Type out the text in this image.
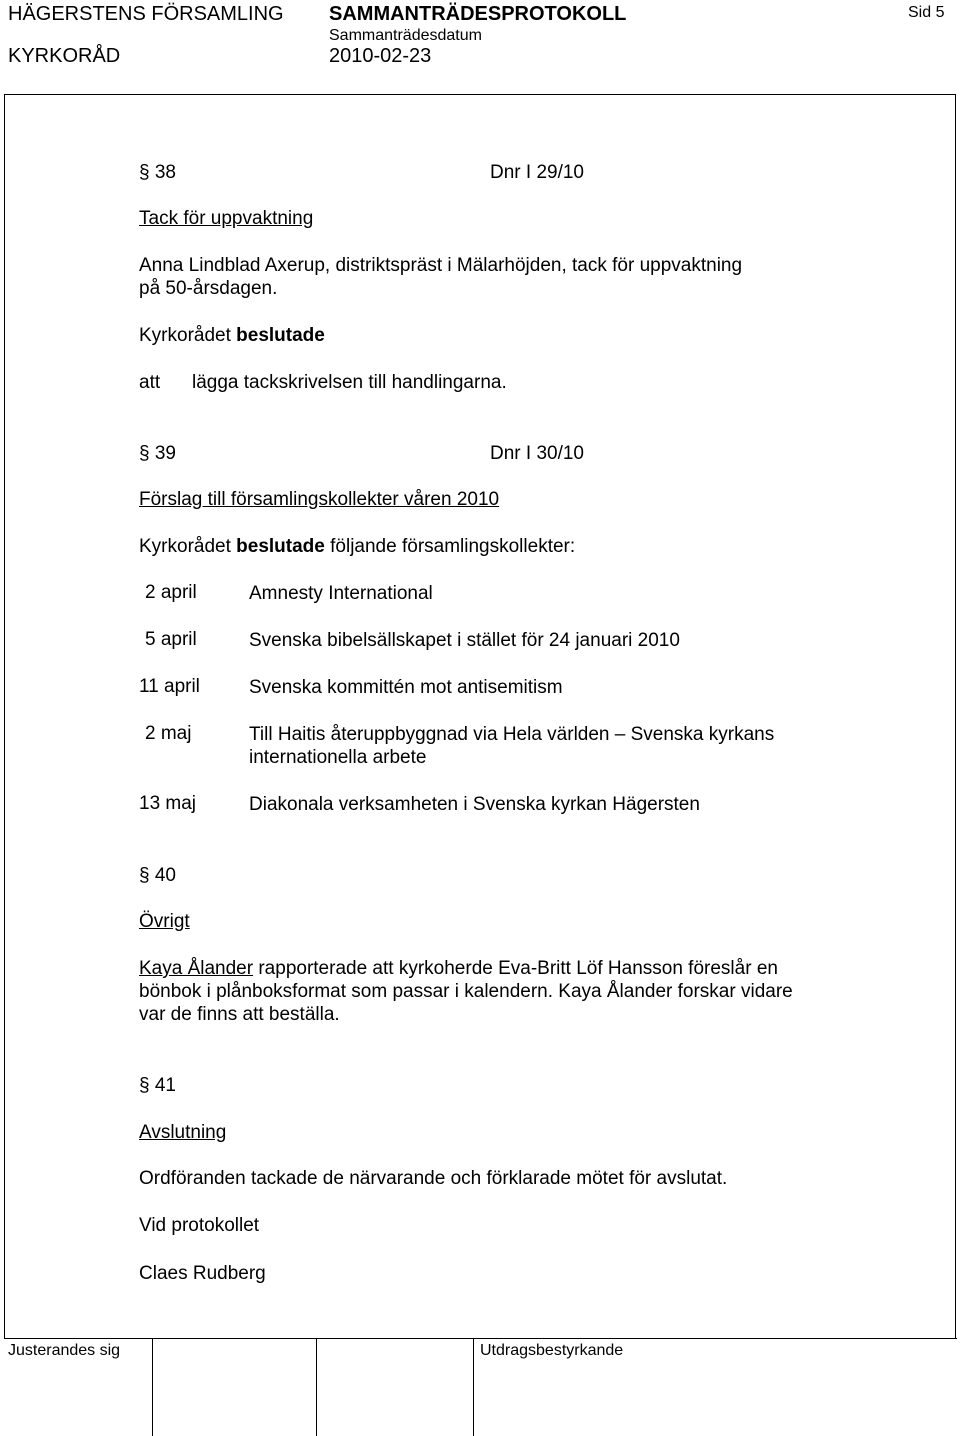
HÄGERSTENS FÖRSAMLING SAMMANTRÄDESPROTOKOLL	Sid 5
KYRKORÅD
Sammanträdesdatum
2010-02-23
§ 38	Dnr I 29/10
Tack för uppvaktning
Anna Lindblad Axerup, distriktspräst i Mälarhöjden, tack för uppvaktning
på 50-årsdagen.
Kyrkorådet beslutade
att lägga tackskrivelsen till handlingarna.
§ 39	Dnr I 30/10
Förslag till församlingskollekter våren 2010
Kyrkorådet beslutade följande församlingskollekter:
2 april	Amnesty International
5 april	Svenska bibelsällskapet i stället för 24 januari 2010
11 april	Svenska kommittén mot antisemitism
2 maj	Till Haitis återuppbyggnad via Hela världen – Svenska kyrkans internationella arbete
13 maj	Diakonala verksamheten i Svenska kyrkan Hägersten
§ 40
Övrigt
Kaya Ålander rapporterade att kyrkoherde Eva-Britt Löf Hansson föreslår en
bönbok i plånboksformat som passar i kalendern. Kaya Ålander forskar vidare
var de finns att beställa.
§ 41
Avslutning
Ordföranden tackade de närvarande och förklarade mötet för avslutat.
Vid protokollet
Claes Rudberg
Justerandes sig	Utdragsbestyrkande
